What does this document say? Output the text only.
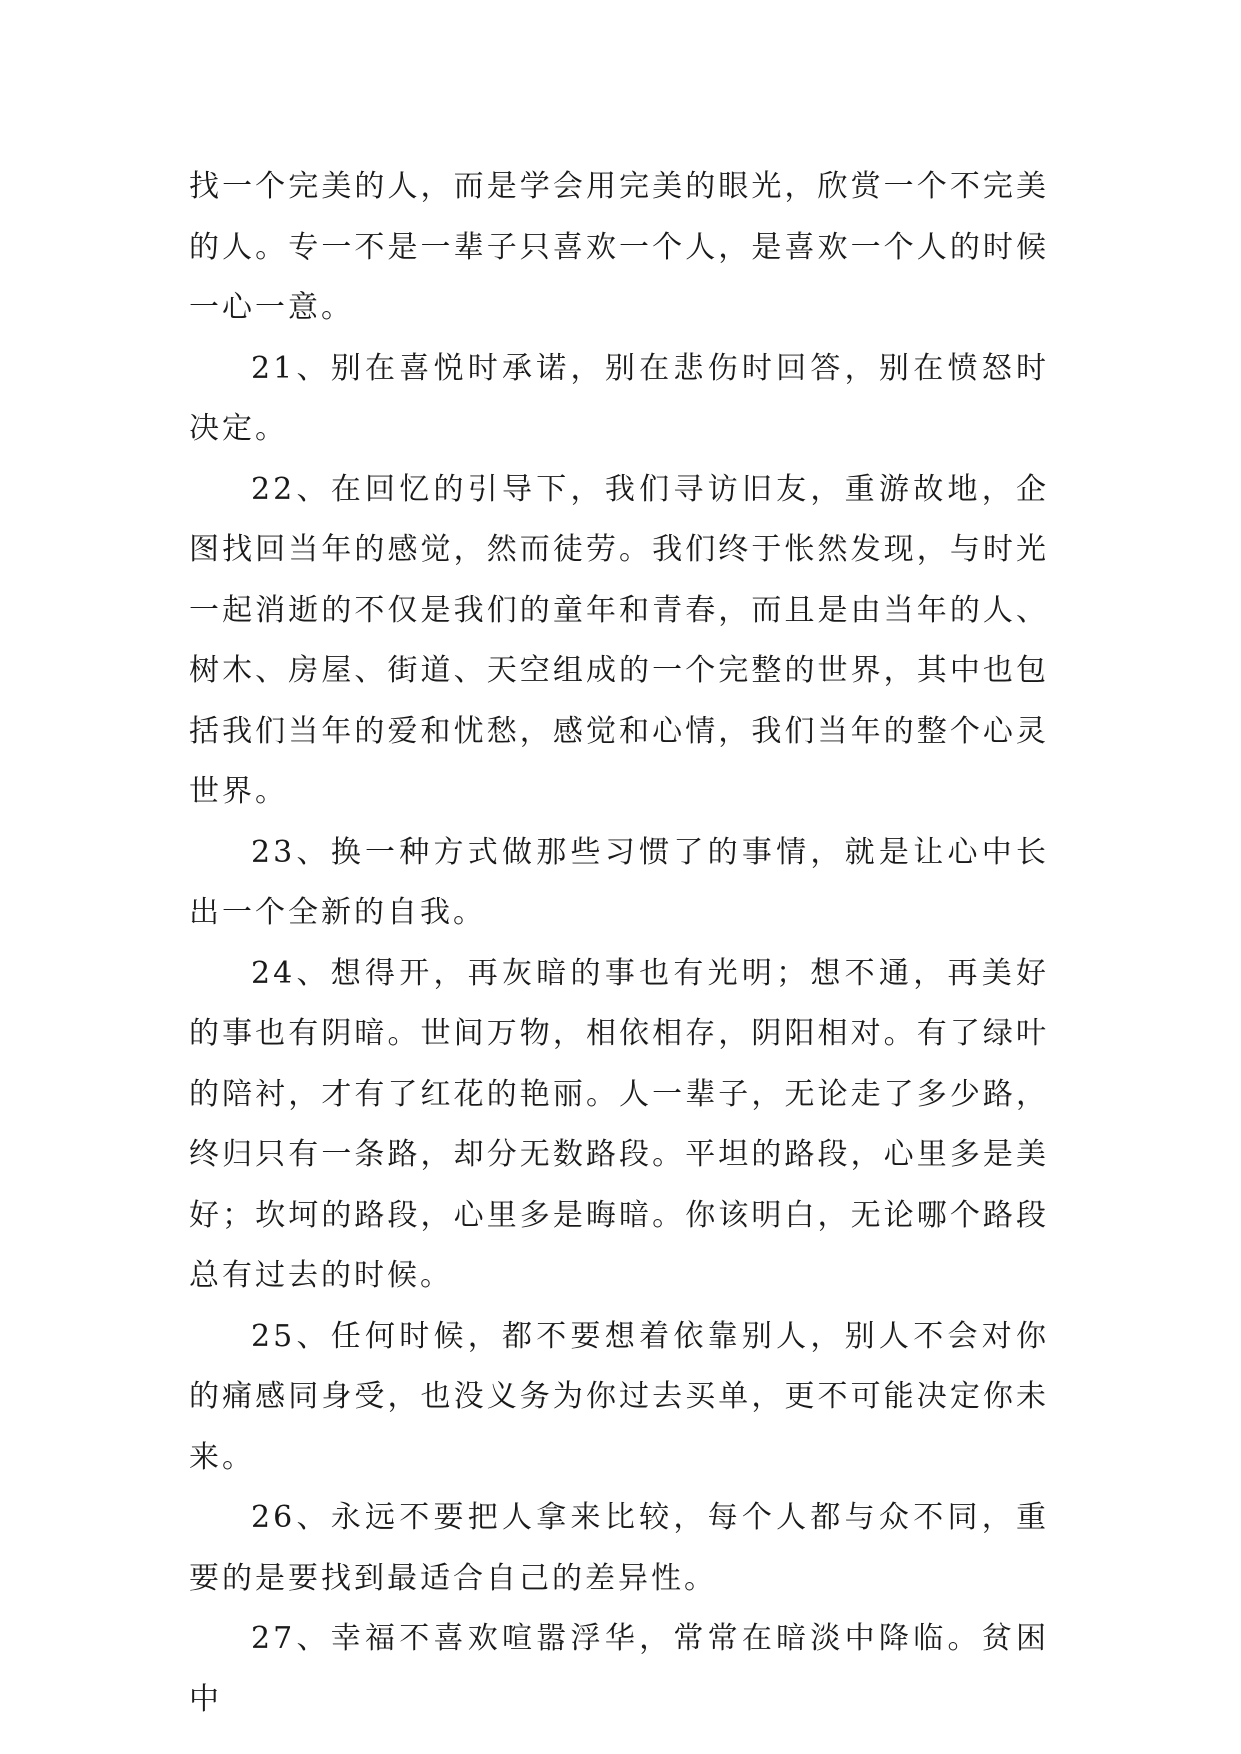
找一个完美的人，而是学会用完美的眼光，欣赏一个不完美的人。专一不是一辈子只喜欢一个人，是喜欢一个人的时候一心一意。

21、别在喜悦时承诺，别在悲伤时回答，别在愤怒时决定。

22、在回忆的引导下，我们寻访旧友，重游故地，企图找回当年的感觉，然而徒劳。我们终于怅然发现，与时光一起消逝的不仅是我们的童年和青春，而且是由当年的人、树木、房屋、街道、天空组成的一个完整的世界，其中也包括我们当年的爱和忧愁，感觉和心情，我们当年的整个心灵世界。

23、换一种方式做那些习惯了的事情，就是让心中长出一个全新的自我。

24、想得开，再灰暗的事也有光明；想不通，再美好的事也有阴暗。世间万物，相依相存，阴阳相对。有了绿叶的陪衬，才有了红花的艳丽。人一辈子，无论走了多少路，终归只有一条路，却分无数路段。平坦的路段，心里多是美好；坎坷的路段，心里多是晦暗。你该明白，无论哪个路段总有过去的时候。

25、任何时候，都不要想着依靠别人，别人不会对你的痛感同身受，也没义务为你过去买单，更不可能决定你未来。

26、永远不要把人拿来比较，每个人都与众不同，重要的是要找到最适合自己的差异性。

27、幸福不喜欢喧嚣浮华，常常在暗淡中降临。贫困中
